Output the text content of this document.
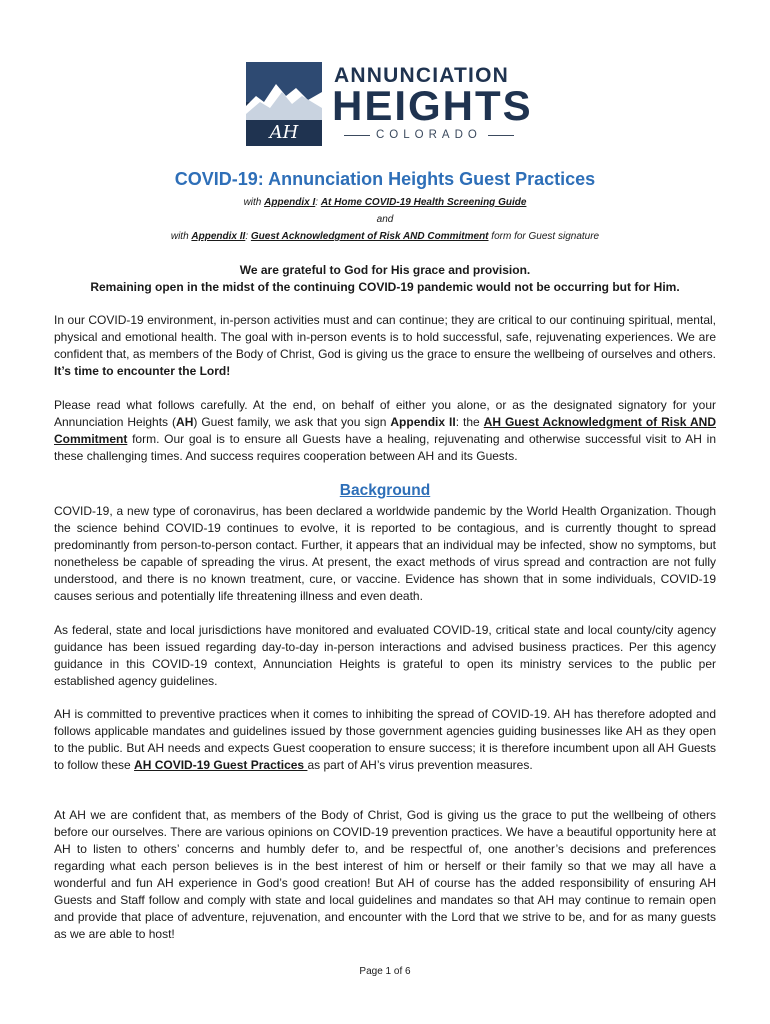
AH
ANNUNCIATION
HEIGHTS
COLORADO
COVID-19: Annunciation Heights Guest Practices
with Appendix I: At Home COVID-19 Health Screening Guide
and
with Appendix II: Guest Acknowledgment of Risk AND Commitment form for Guest signature
We are grateful to God for His grace and provision.
Remaining open in the midst of the continuing COVID-19 pandemic would not be occurring but for Him.

In our COVID-19 environment, in-person activities must and can continue; they are critical to our continuing spiritual, mental, physical and emotional health. The goal with in-person events is to hold successful, safe, rejuvenating experiences. We are confident that, as members of the Body of Christ, God is giving us the grace to ensure the wellbeing of ourselves and others. It’s time to encounter the Lord!

Please read what follows carefully. At the end, on behalf of either you alone, or as the designated signatory for your Annunciation Heights (AH) Guest family, we ask that you sign Appendix II: the AH Guest Acknowledgment of Risk AND Commitment form. Our goal is to ensure all Guests have a healing, rejuvenating and otherwise successful visit to AH in these challenging times. And success requires cooperation between AH and its Guests.

Background

COVID-19, a new type of coronavirus, has been declared a worldwide pandemic by the World Health Organization. Though the science behind COVID-19 continues to evolve, it is reported to be contagious, and is currently thought to spread predominantly from person-to-person contact. Further, it appears that an individual may be infected, show no symptoms, but nonetheless be capable of spreading the virus. At present, the exact methods of virus spread and contraction are not fully understood, and there is no known treatment, cure, or vaccine. Evidence has shown that in some individuals, COVID-19 causes serious and potentially life threatening illness and even death.

As federal, state and local jurisdictions have monitored and evaluated COVID-19, critical state and local county/city agency guidance has been issued regarding day-to-day in-person interactions and advised business practices. Per this agency guidance in this COVID-19 context, Annunciation Heights is grateful to open its ministry services to the public per established agency guidelines.

AH is committed to preventive practices when it comes to inhibiting the spread of COVID-19. AH has therefore adopted and follows applicable mandates and guidelines issued by those government agencies guiding businesses like AH as they open to the public. But AH needs and expects Guest cooperation to ensure success; it is therefore incumbent upon all AH Guests to follow these AH COVID-19 Guest Practices as part of AH’s virus prevention measures.

At AH we are confident that, as members of the Body of Christ, God is giving us the grace to put the wellbeing of others before our ourselves. There are various opinions on COVID-19 prevention practices. We have a beautiful opportunity here at AH to listen to others’ concerns and humbly defer to, and be respectful of, one another’s decisions and preferences regarding what each person believes is in the best interest of him or herself or their family so that we may all have a wonderful and fun AH experience in God’s good creation! But AH of course has the added responsibility of ensuring AH Guests and Staff follow and comply with state and local guidelines and mandates so that AH may continue to remain open and provide that place of adventure, rejuvenation, and encounter with the Lord that we strive to be, and for as many guests as we are able to host!

Page 1 of 6
